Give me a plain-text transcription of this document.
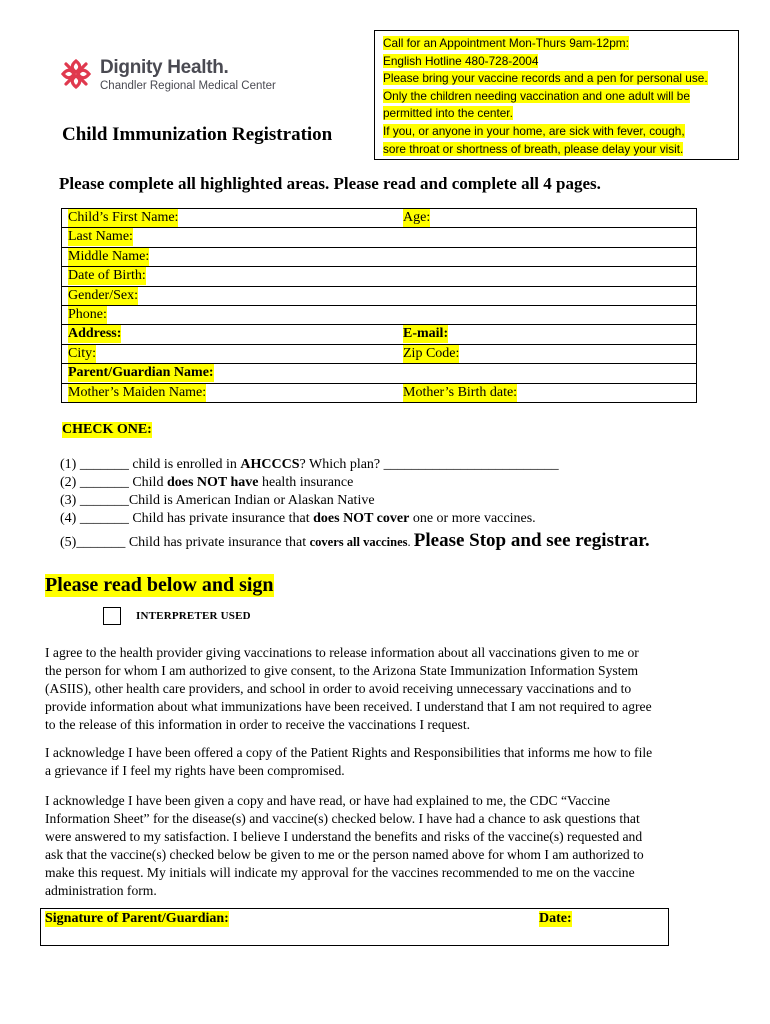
Dignity Health.
Chandler Regional Medical Center
Child Immunization Registration
Call for an Appointment Mon-Thurs 9am-12pm:
English Hotline 480-728-2004
Please bring your vaccine records and a pen for personal use.
Only the children needing vaccination and one adult will be
permitted into the center.
If you, or anyone in your home, are sick with fever, cough,
sore throat or shortness of breath, please delay your visit.
Please complete all highlighted areas. Please read and complete all 4 pages.
Child’s First Name:	Age:
Last Name:
Middle Name:
Date of Birth:
Gender/Sex:
Phone:
Address:	E-mail:
City:	Zip Code:
Parent/Guardian Name:
Mother’s Maiden Name:	Mother’s Birth date:
CHECK ONE:
(1) _______ child is enrolled in AHCCCS? Which plan? _________________________
(2) _______ Child does NOT have health insurance
(3) _______Child is American Indian or Alaskan Native
(4) _______ Child has private insurance that does NOT cover one or more vaccines.
(5)_______ Child has private insurance that covers all vaccines. Please Stop and see registrar.
Please read below and sign
INTERPRETER USED
I agree to the health provider giving vaccinations to release information about all vaccinations given to me or
the person for whom I am authorized to give consent, to the Arizona State Immunization Information System
(ASIIS), other health care providers, and school in order to avoid receiving unnecessary vaccinations and to
provide information about what immunizations have been received. I understand that I am not required to agree
to the release of this information in order to receive the vaccinations I request.
I acknowledge I have been offered a copy of the Patient Rights and Responsibilities that informs me how to file
a grievance if I feel my rights have been compromised.
I acknowledge I have been given a copy and have read, or have had explained to me, the CDC “Vaccine
Information Sheet” for the disease(s) and vaccine(s) checked below. I have had a chance to ask questions that
were answered to my satisfaction. I believe I understand the benefits and risks of the vaccine(s) requested and
ask that the vaccine(s) checked below be given to me or the person named above for whom I am authorized to
make this request. My initials will indicate my approval for the vaccines recommended to me on the vaccine
administration form.
Signature of Parent/Guardian:	Date:
